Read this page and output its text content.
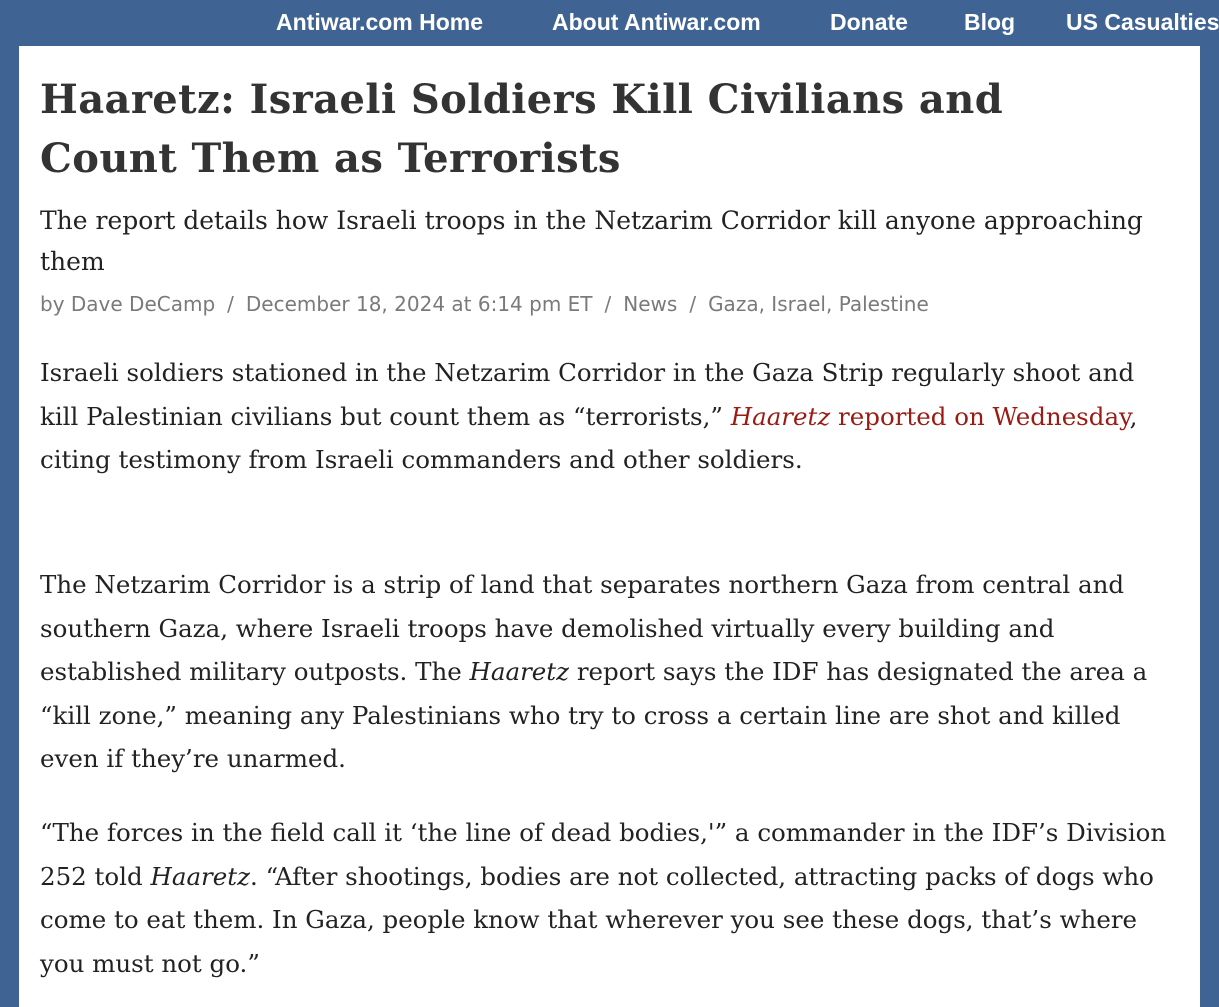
Antiwar.com Home	About Antiwar.com	Donate Blog US Casualties
Haaretz: Israeli Soldiers Kill Civilians and
Count Them as Terrorists
The report details how Israeli troops in the Netzarim Corridor kill anyone approaching them
by Dave DeCamp / December 18, 2024 at 6:14 pm ET / News / Gaza, Israel, Palestine

Israeli soldiers stationed in the Netzarim Corridor in the Gaza Strip regularly shoot and kill Palestinian civilians but count them as “terrorists,” Haaretz reported on Wednesday, citing testimony from Israeli commanders and other soldiers.

The Netzarim Corridor is a strip of land that separates northern Gaza from central and southern Gaza, where Israeli troops have demolished virtually every building and established military outposts. The Haaretz report says the IDF has designated the area a “kill zone,” meaning any Palestinians who try to cross a certain line are shot and killed even if they’re unarmed.

“The forces in the field call it ‘the line of dead bodies,'” a commander in the IDF’s Division 252 told Haaretz. “After shootings, bodies are not collected, attracting packs of dogs who come to eat them. In Gaza, people know that wherever you see these dogs, that’s where you must not go.”
